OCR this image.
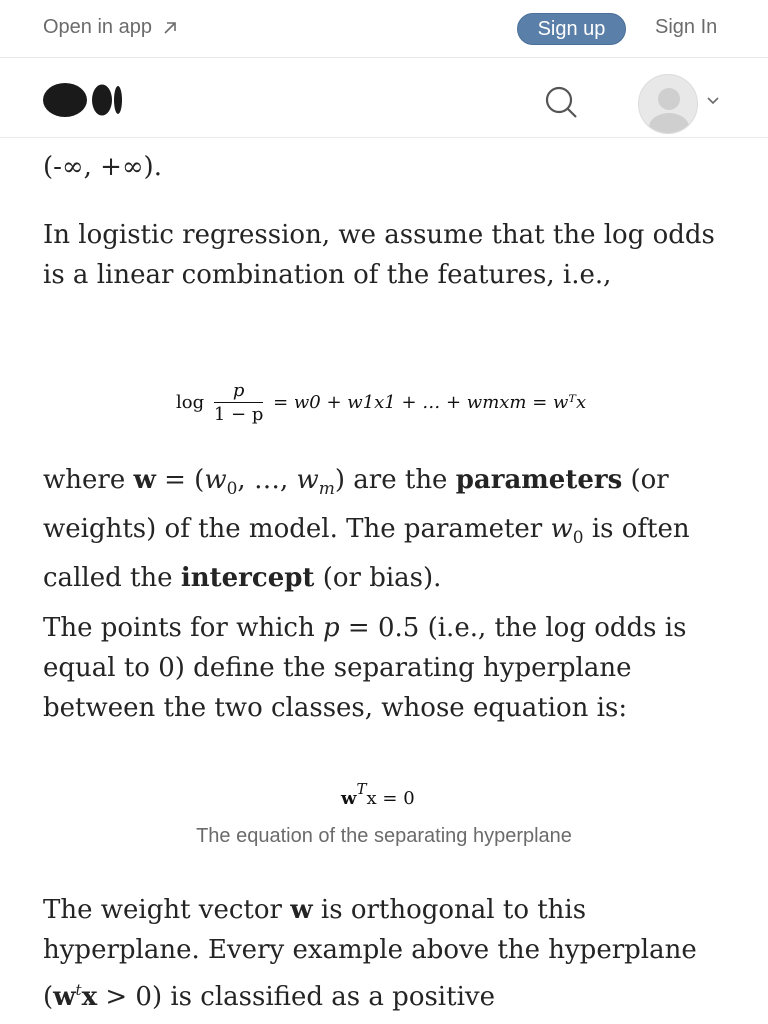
Open in app	Sign up	Sign In

(-∞, +∞).

In logistic regression, we assume that the log odds is a linear combination of the features, i.e.,

$\log \frac{p}{1 - p} = w0 + w1x1$ + … + wmxm = wᵀx

where $w = (w_0$, …, $w_m$) are the parameters (or weights) of the model. The parameter $w_0$ is often called the intercept (or bias).

The points for which p = 0.5 (i.e., the log odds is equal to 0) define the separating hyperplane between the two classes, whose equation is:

$w^Tx = 0$
The equation of the separating hyperplane

The weight vector w is orthogonal to this hyperplane. Every example above the hyperplane $(w^tx > 0)$ is classified as a positive
